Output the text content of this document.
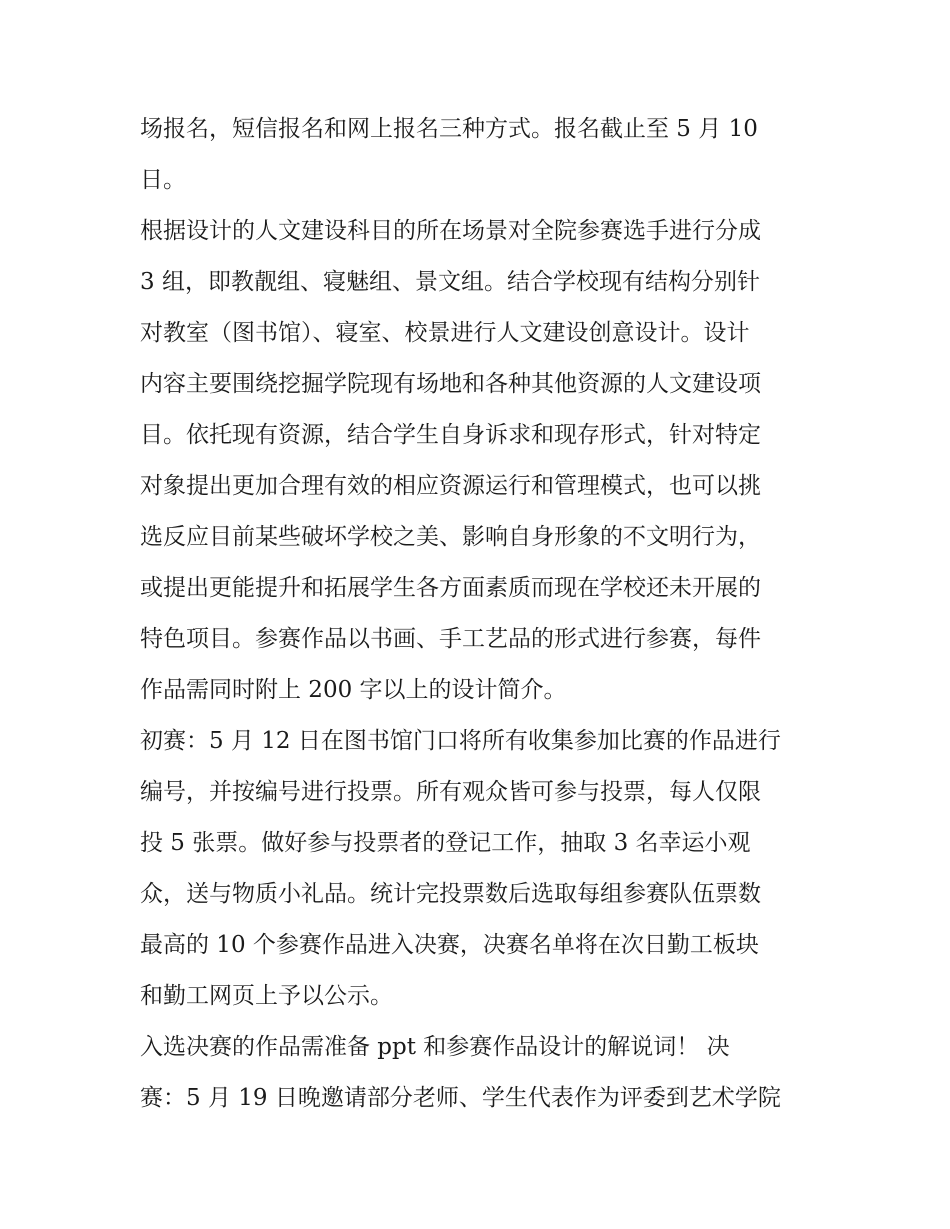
场报名，短信报名和网上报名三种方式。报名截止至 5 月 10
日。
根据设计的人文建设科目的所在场景对全院参赛选手进行分成
3 组，即教靓组、寝魅组、景文组。结合学校现有结构分别针
对教室（图书馆）、寝室、校景进行人文建设创意设计。设计
内容主要围绕挖掘学院现有场地和各种其他资源的人文建设项
目。依托现有资源，结合学生自身诉求和现存形式，针对特定
对象提出更加合理有效的相应资源运行和管理模式，也可以挑
选反应目前某些破坏学校之美、影响自身形象的不文明行为，
或提出更能提升和拓展学生各方面素质而现在学校还未开展的
特色项目。参赛作品以书画、手工艺品的形式进行参赛，每件
作品需同时附上 200 字以上的设计简介。
初赛：5 月 12 日在图书馆门口将所有收集参加比赛的作品进行
编号，并按编号进行投票。所有观众皆可参与投票，每人仅限
投 5 张票。做好参与投票者的登记工作，抽取 3 名幸运小观
众，送与物质小礼品。统计完投票数后选取每组参赛队伍票数
最高的 10 个参赛作品进入决赛，决赛名单将在次日勤工板块
和勤工网页上予以公示。
入选决赛的作品需准备 ppt 和参赛作品设计的解说词！ 决
赛：5 月 19 日晚邀请部分老师、学生代表作为评委到艺术学院
